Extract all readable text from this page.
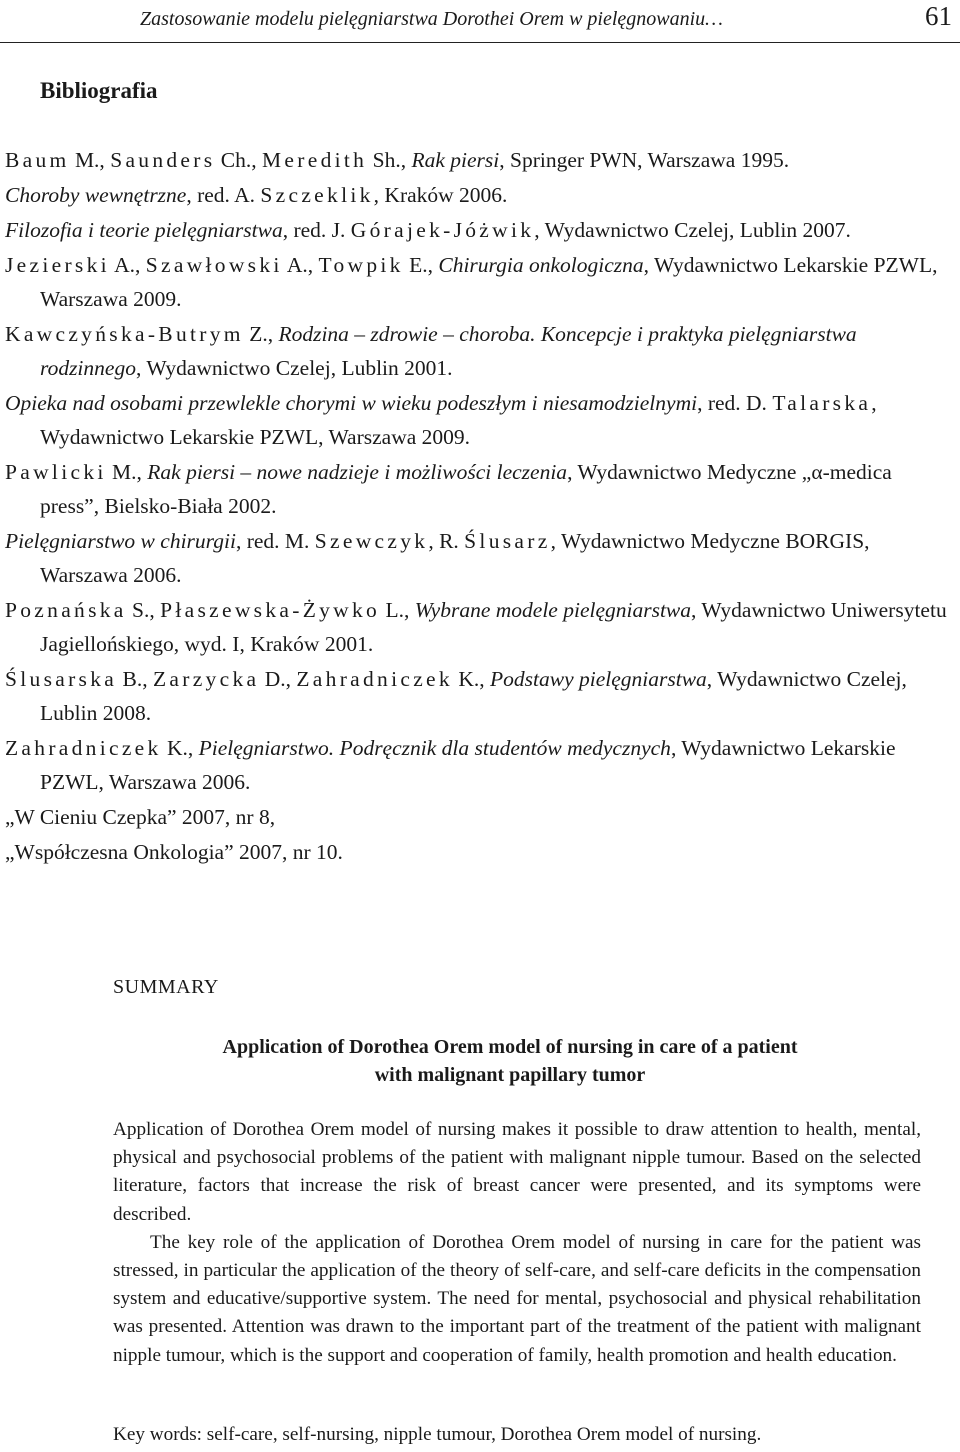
Zastosowanie modelu pielęgniarstwa Dorothei Orem w pielęgnowaniu…	61
Bibliografia

Baum M., Saunders Ch., Meredith Sh., Rak piersi, Springer PWN, Warszawa 1995.

Choroby wewnętrzne, red. A. Szczeklik, Kraków 2006.

Filozofia i teorie pielęgniarstwa, red. J. Górajek-Jóżwik, Wydawnictwo Czelej, Lublin 2007.

Jezierski A., Szawłowski A., Towpik E., Chirurgia onkologiczna, Wydawnictwo Lekarskie PZWL, Warszawa 2009.

Kawczyńska-Butrym Z., Rodzina – zdrowie – choroba. Koncepcje i praktyka pielęgniarstwa rodzinnego, Wydawnictwo Czelej, Lublin 2001.

Opieka nad osobami przewlekle chorymi w wieku podeszłym i niesamodzielnymi, red. D. Talarska, Wydawnictwo Lekarskie PZWL, Warszawa 2009.

Pawlicki M., Rak piersi – nowe nadzieje i możliwości leczenia, Wydawnictwo Medyczne „α-medica press”, Bielsko-Biała 2002.

Pielęgniarstwo w chirurgii, red. M. Szewczyk, R. Ślusarz, Wydawnictwo Medyczne BORGIS, Warszawa 2006.

Poznańska S., Płaszewska-Żywko L., Wybrane modele pielęgniarstwa, Wydawnictwo Uniwersytetu Jagiellońskiego, wyd. I, Kraków 2001.

Ślusarska B., Zarzycka D., Zahradniczek K., Podstawy pielęgniarstwa, Wydawnictwo Czelej, Lublin 2008.

Zahradniczek K., Pielęgniarstwo. Podręcznik dla studentów medycznych, Wydawnictwo Lekarskie PZWL, Warszawa 2006.

„W Cieniu Czepka” 2007, nr 8,

„Współczesna Onkologia” 2007, nr 10.

SUMMARY
Application of Dorothea Orem model of nursing in care of a patient
with malignant papillary tumor

Application of Dorothea Orem model of nursing makes it possible to draw attention to health, mental, physical and psychosocial problems of the patient with malignant nipple tumour. Based on the selected literature, factors that increase the risk of breast cancer were presented, and its symptoms were described.

The key role of the application of Dorothea Orem model of nursing in care for the patient was stressed, in particular the application of the theory of self-care, and self-care deficits in the compensation system and educative/supportive system. The need for mental, psychosocial and physical rehabilitation was presented. Attention was drawn to the important part of the treatment of the patient with malignant nipple tumour, which is the support and cooperation of family, health promotion and health education.

Key words: self-care, self-nursing, nipple tumour, Dorothea Orem model of nursing.
